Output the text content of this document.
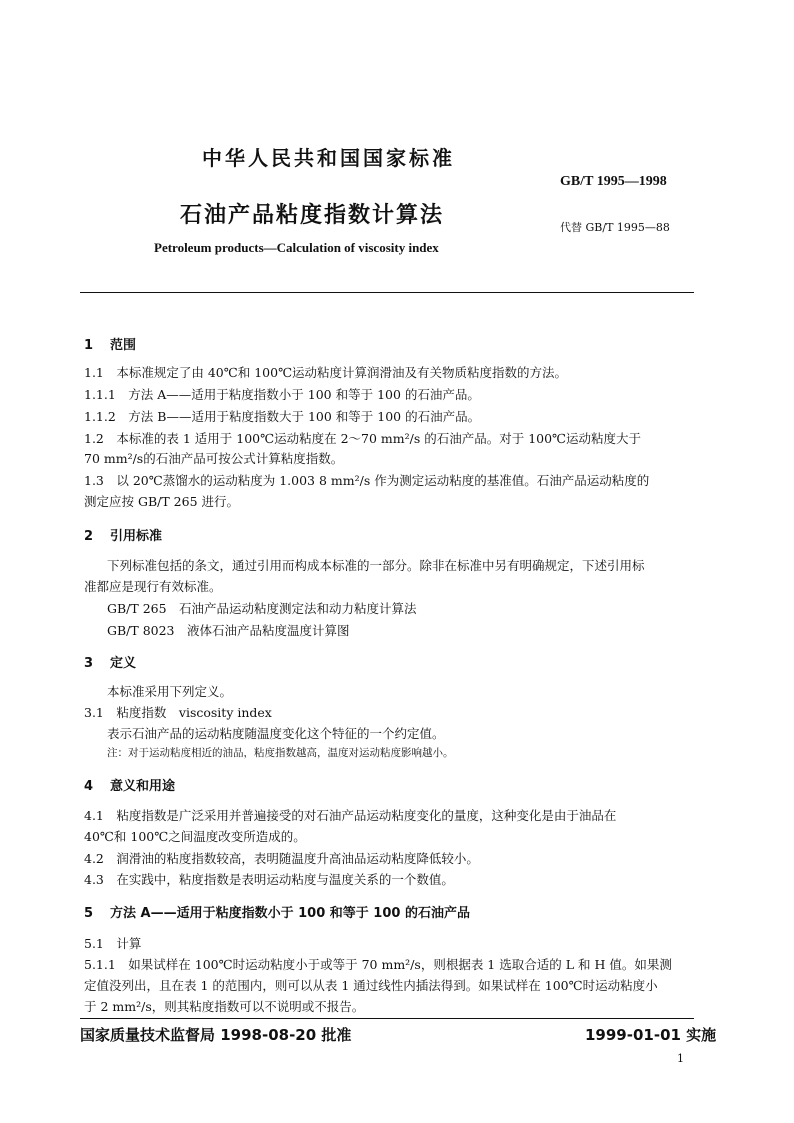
中华人民共和国国家标准
GB/T 1995—1998
石油产品粘度指数计算法	代替 GB/T 1995—88
Petroleum products—Calculation of viscosity index
1 范围
1.1　本标准规定了由 40℃和 100℃运动粘度计算润滑油及有关物质粘度指数的方法。
1.1.1　方法 A——适用于粘度指数小于 100 和等于 100 的石油产品。
1.1.2　方法 B——适用于粘度指数大于 100 和等于 100 的石油产品。
1.2　本标准的表 1 适用于 100℃运动粘度在 2～70 mm²/s 的石油产品。对于 100℃运动粘度大于
70 mm²/s的石油产品可按公式计算粘度指数。
1.3　以 20℃蒸馏水的运动粘度为 1.003 8 mm²/s 作为测定运动粘度的基准值。石油产品运动粘度的
测定应按 GB/T 265 进行。
2 引用标准
下列标准包括的条文，通过引用而构成本标准的一部分。除非在标准中另有明确规定，下述引用标
准都应是现行有效标准。
GB/T 265　石油产品运动粘度测定法和动力粘度计算法
GB/T 8023　液体石油产品粘度温度计算图
3 定义
本标准采用下列定义。
3.1　粘度指数　viscosity index
表示石油产品的运动粘度随温度变化这个特征的一个约定值。
注：对于运动粘度相近的油品，粘度指数越高，温度对运动粘度影响越小。
4 意义和用途
4.1　粘度指数是广泛采用并普遍接受的对石油产品运动粘度变化的量度，这种变化是由于油品在
40℃和 100℃之间温度改变所造成的。
4.2　润滑油的粘度指数较高，表明随温度升高油品运动粘度降低较小。
4.3　在实践中，粘度指数是表明运动粘度与温度关系的一个数值。
5 方法 A——适用于粘度指数小于 100 和等于 100 的石油产品
5.1　计算
5.1.1　如果试样在 100℃时运动粘度小于或等于 70 mm²/s，则根据表 1 选取合适的 L 和 H 值。如果测
定值没列出，且在表 1 的范围内，则可以从表 1 通过线性内插法得到。如果试样在 100℃时运动粘度小
于 2 mm²/s，则其粘度指数可以不说明或不报告。
国家质量技术监督局 1998-08-20 批准	1999-01-01 实施
1
